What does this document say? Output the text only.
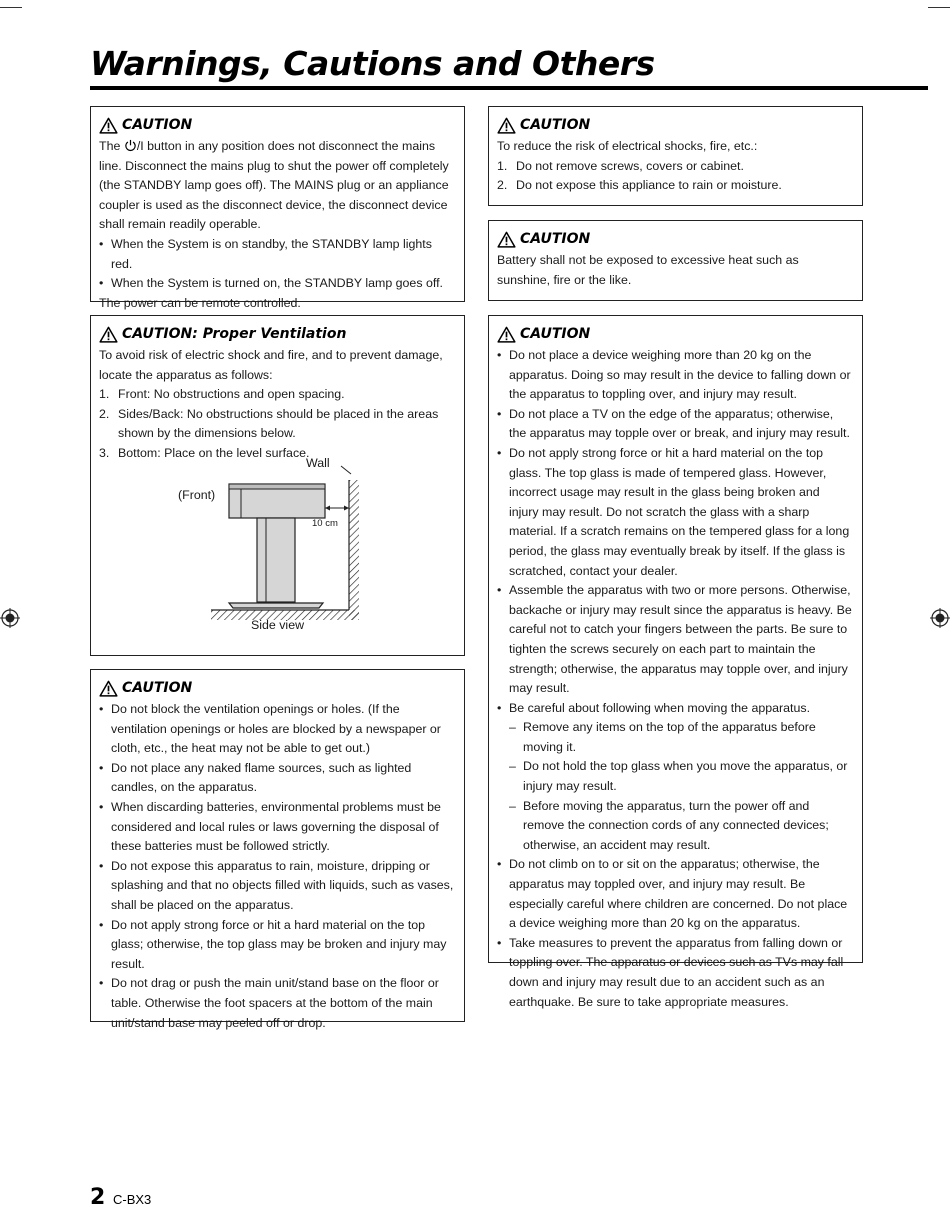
Warnings, Cautions and Others
CAUTION

The /I button in any position does not disconnect the mains line. Disconnect the mains plug to shut the power off completely (the STANDBY lamp goes off). The MAINS plug or an appliance coupler is used as the disconnect device, the disconnect device shall remain readily operable.

• When the System is on standby, the STANDBY lamp lights red.
• When the System is turned on, the STANDBY lamp goes off.

The power can be remote controlled.

CAUTION: Proper Ventilation

To avoid risk of electric shock and fire, and to prevent damage, locate the apparatus as follows:

1. Front: No obstructions and open spacing.
2. Sides/Back: No obstructions should be placed in the areas shown by the dimensions below.
3. Bottom: Place on the level surface.
Wall
(Front)
10 cm
Side view
CAUTION
• Do not block the ventilation openings or holes. (If the ventilation openings or holes are blocked by a newspaper or cloth, etc., the heat may not be able to get out.)
• Do not place any naked flame sources, such as lighted candles, on the apparatus.
• When discarding batteries, environmental problems must be considered and local rules or laws governing the disposal of these batteries must be followed strictly.
• Do not expose this apparatus to rain, moisture, dripping or splashing and that no objects filled with liquids, such as vases, shall be placed on the apparatus.
• Do not apply strong force or hit a hard material on the top glass; otherwise, the top glass may be broken and injury may result.
• Do not drag or push the main unit/stand base on the floor or table. Otherwise the foot spacers at the bottom of the main unit/stand base may peeled off or drop.
CAUTION

To reduce the risk of electrical shocks, fire, etc.:

1. Do not remove screws, covers or cabinet.
2. Do not expose this appliance to rain or moisture.
CAUTION

Battery shall not be exposed to excessive heat such as sunshine, fire or the like.

CAUTION
• Do not place a device weighing more than 20 kg on the apparatus. Doing so may result in the device to falling down or the apparatus to toppling over, and injury may result.
• Do not place a TV on the edge of the apparatus; otherwise, the apparatus may topple over or break, and injury may result.
• Do not apply strong force or hit a hard material on the top glass. The top glass is made of tempered glass. However, incorrect usage may result in the glass being broken and injury may result. Do not scratch the glass with a sharp material. If a scratch remains on the tempered glass for a long period, the glass may eventually break by itself. If the glass is scratched, contact your dealer.
• Assemble the apparatus with two or more persons. Otherwise, backache or injury may result since the apparatus is heavy. Be careful not to catch your fingers between the parts. Be sure to tighten the screws securely on each part to maintain the strength; otherwise, the apparatus may topple over, and injury may result.
• Be careful about following when moving the apparatus.
– Remove any items on the top of the apparatus before moving it.
– Do not hold the top glass when you move the apparatus, or injury may result.
– Before moving the apparatus, turn the power off and remove the connection cords of any connected devices; otherwise, an accident may result.
• Do not climb on to or sit on the apparatus; otherwise, the apparatus may toppled over, and injury may result. Be especially careful where children are concerned. Do not place a device weighing more than 20 kg on the apparatus.
• Take measures to prevent the apparatus from falling down or toppling over. The apparatus or devices such as TVs may fall down and injury may result due to an accident such as an earthquake. Be sure to take appropriate measures.
2 C-BX3
